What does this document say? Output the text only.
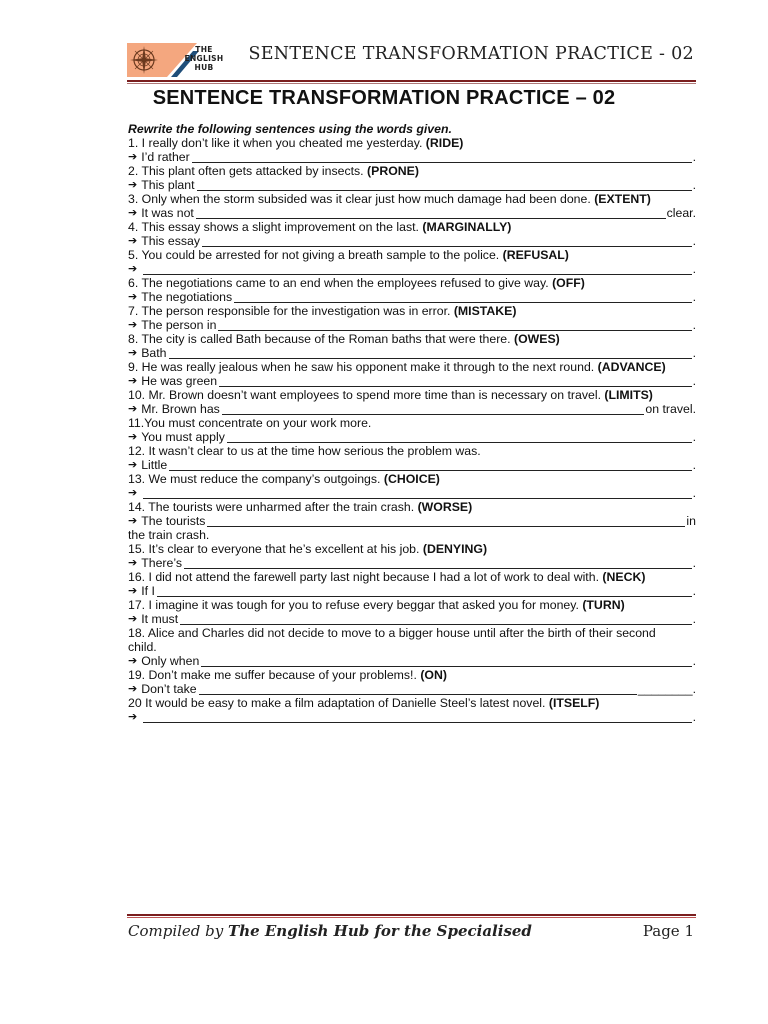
THE
ENGLISH
HUB
SENTENCE TRANSFORMATION PRACTICE - 02
SENTENCE TRANSFORMATION PRACTICE – 02
Rewrite the following sentences using the words given.
1. I really don’t like it when you cheated me yesterday. (RIDE)
➔ I’d rather	.
2. This plant often gets attacked by insects. (PRONE)
➔ This plant	.
3. Only when the storm subsided was it clear just how much damage had been done. (EXTENT)
➔ It was not	clear.
4. This essay shows a slight improvement on the last. (MARGINALLY)
➔ This essay	.
5. You could be arrested for not giving a breath sample to the police. (REFUSAL)
➔	.
6. The negotiations came to an end when the employees refused to give way. (OFF)
➔ The negotiations	.
7. The person responsible for the investigation was in error. (MISTAKE)
➔ The person in	.
8. The city is called Bath because of the Roman baths that were there. (OWES)
➔ Bath	.
9. He was really jealous when he saw his opponent make it through to the next round. (ADVANCE)
➔ He was green	.
10. Mr. Brown doesn’t want employees to spend more time than is necessary on travel. (LIMITS)
➔ Mr. Brown has	on travel.
11.You must concentrate on your work more.
➔ You must apply	.
12. It wasn’t clear to us at the time how serious the problem was.
➔ Little	.
13. We must reduce the company’s outgoings. (CHOICE)
➔	.
14. The tourists were unharmed after the train crash. (WORSE)
➔ The tourists	in
the train crash.
15. It’s clear to everyone that he’s excellent at his job. (DENYING)
➔ There’s	.
16. I did not attend the farewell party last night because I had a lot of work to deal with. (NECK)
➔ If I	.
17. I imagine it was tough for you to refuse every beggar that asked you for money. (TURN)
➔ It must	.
18. Alice and Charles did not decide to move to a bigger house until after the birth of their second
child.
➔ Only when	.
19. Don’t make me suffer because of your problems!. (ON)
➔ Don’t take	________.
20 It would be easy to make a film adaptation of Danielle Steel’s latest novel. (ITSELF)
➔	.
Compiled by The English Hub for the Specialised	Page 1
